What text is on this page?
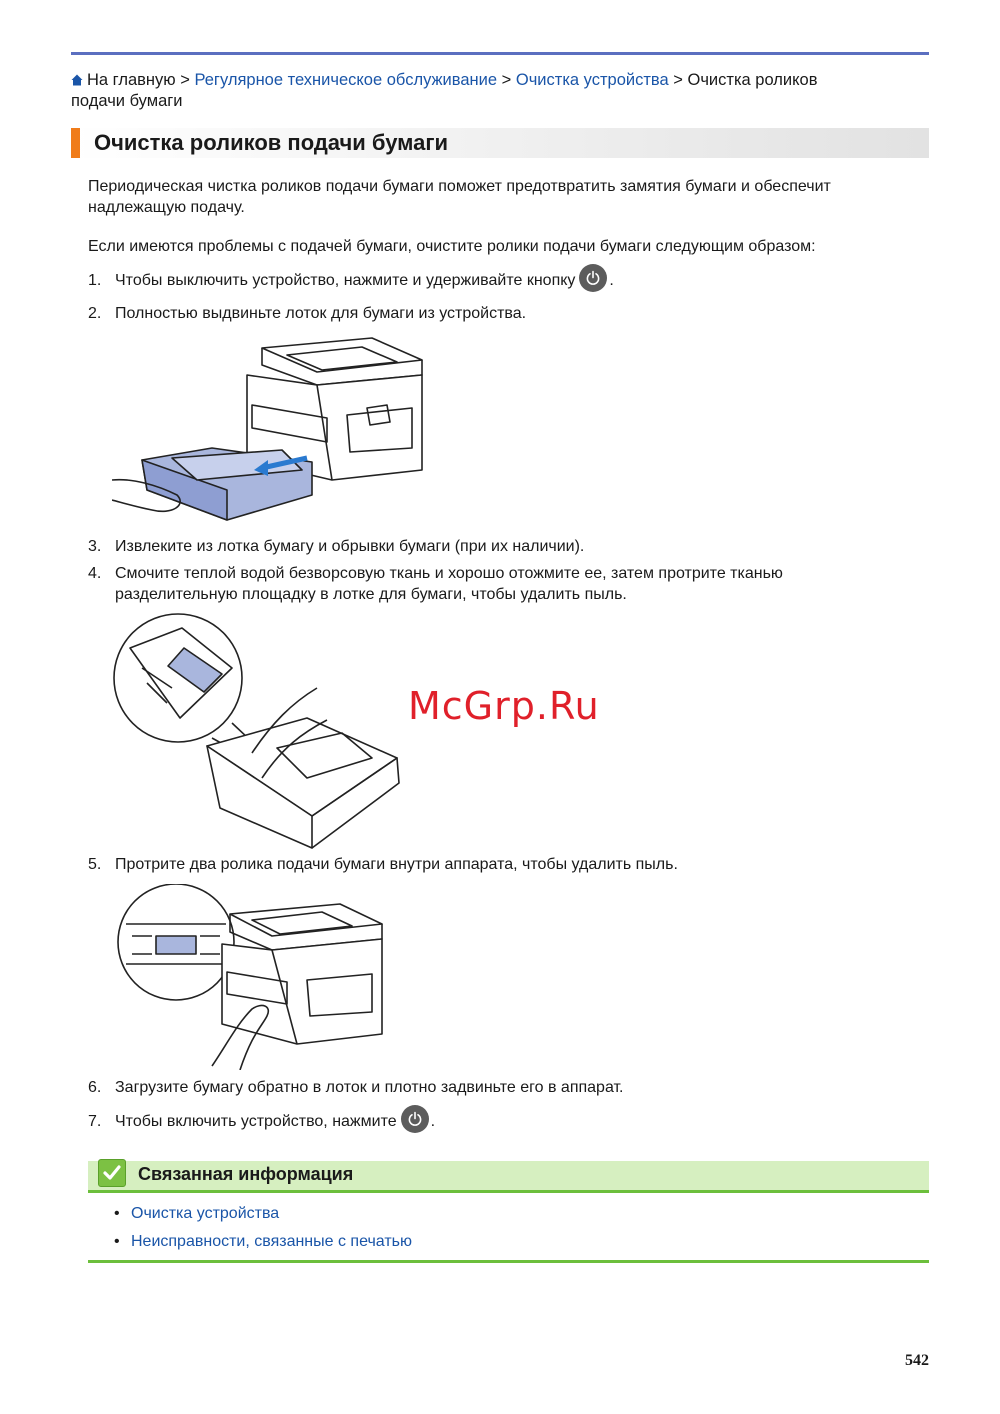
На главную > Регулярное техническое обслуживание > Очистка устройства > Очистка роликов
подачи бумаги
Очистка роликов подачи бумаги
Периодическая чистка роликов подачи бумаги поможет предотвратить замятия бумаги и обеспечит
надлежащую подачу.
Если имеются проблемы с подачей бумаги, очистите ролики подачи бумаги следующим образом:
1. Чтобы выключить устройство, нажмите и удерживайте кнопку .
2. Полностью выдвиньте лоток для бумаги из устройства.
3. Извлеките из лотка бумагу и обрывки бумаги (при их наличии).
4. Смочите теплой водой безворсовую ткань и хорошо отожмите ее, затем протрите тканью
разделительную площадку в лотке для бумаги, чтобы удалить пыль.
McGrp.Ru
5. Протрите два ролика подачи бумаги внутри аппарата, чтобы удалить пыль.
6. Загрузите бумагу обратно в лоток и плотно задвиньте его в аппарат.
7. Чтобы включить устройство, нажмите .
Связанная информация
• Очистка устройства
• Неисправности, связанные с печатью
542
